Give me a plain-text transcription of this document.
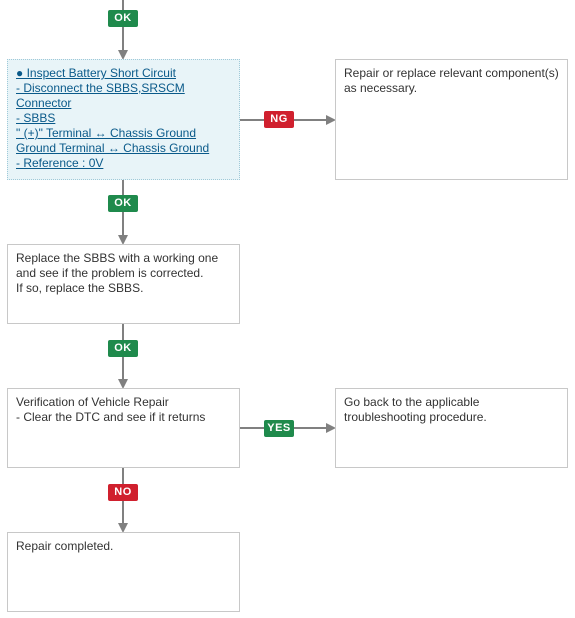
OK
NG
OK
OK
YES
NO
● Inspect Battery Short Circuit
- Disconnect the SBBS,SRSCM
Connector
- SBBS
" (+)" Terminal ↔ Chassis Ground
Ground Terminal ↔ Chassis Ground
- Reference : 0V
Repair or replace relevant component(s)
as necessary.
Replace the SBBS with a working one
and see if the problem is corrected.
If so, replace the SBBS.
Verification of Vehicle Repair
- Clear the DTC and see if it returns
Go back to the applicable
troubleshooting procedure.
Repair completed.
